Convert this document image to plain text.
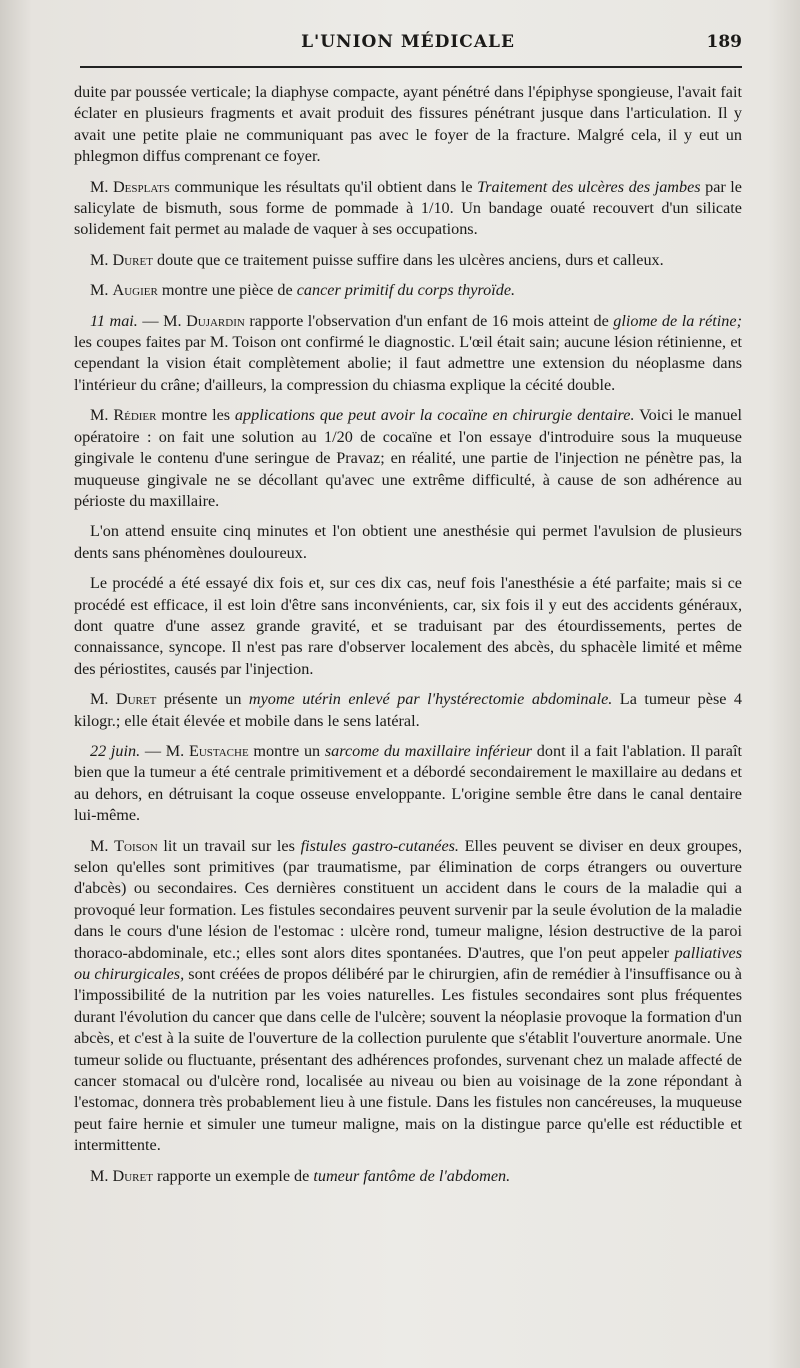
L'UNION MÉDICALE	189

duite par poussée verticale; la diaphyse compacte, ayant pénétré dans l'épiphyse spongieuse, l'avait fait éclater en plusieurs fragments et avait produit des fissures pénétrant jusque dans l'articulation. Il y avait une petite plaie ne communiquant pas avec le foyer de la fracture. Malgré cela, il y eut un phlegmon diffus comprenant ce foyer.

M. Desplats communique les résultats qu'il obtient dans le Traitement des ulcères des jambes par le salicylate de bismuth, sous forme de pommade à 1/10. Un bandage ouaté recouvert d'un silicate solidement fait permet au malade de vaquer à ses occupations.

M. Duret doute que ce traitement puisse suffire dans les ulcères anciens, durs et calleux.

M. Augier montre une pièce de cancer primitif du corps thyroïde.

11 mai. — M. Dujardin rapporte l'observation d'un enfant de 16 mois atteint de gliome de la rétine; les coupes faites par M. Toison ont confirmé le diagnostic. L'œil était sain; aucune lésion rétinienne, et cependant la vision était complètement abolie; il faut admettre une extension du néoplasme dans l'intérieur du crâne; d'ailleurs, la compression du chiasma explique la cécité double.

M. Rédier montre les applications que peut avoir la cocaïne en chirurgie dentaire. Voici le manuel opératoire : on fait une solution au 1/20 de cocaïne et l'on essaye d'introduire sous la muqueuse gingivale le contenu d'une seringue de Pravaz; en réalité, une partie de l'injection ne pénètre pas, la muqueuse gingivale ne se décollant qu'avec une extrême difficulté, à cause de son adhérence au périoste du maxillaire.

L'on attend ensuite cinq minutes et l'on obtient une anesthésie qui permet l'avulsion de plusieurs dents sans phénomènes douloureux.

Le procédé a été essayé dix fois et, sur ces dix cas, neuf fois l'anesthésie a été parfaite; mais si ce procédé est efficace, il est loin d'être sans inconvénients, car, six fois il y eut des accidents généraux, dont quatre d'une assez grande gravité, et se traduisant par des étourdissements, pertes de connaissance, syncope. Il n'est pas rare d'observer localement des abcès, du sphacèle limité et même des périostites, causés par l'injection.

M. Duret présente un myome utérin enlevé par l'hystérectomie abdominale. La tumeur pèse 4 kilogr.; elle était élevée et mobile dans le sens latéral.

22 juin. — M. Eustache montre un sarcome du maxillaire inférieur dont il a fait l'ablation. Il paraît bien que la tumeur a été centrale primitivement et a débordé secondairement le maxillaire au dedans et au dehors, en détruisant la coque osseuse enveloppante. L'origine semble être dans le canal dentaire lui-même.

M. Toison lit un travail sur les fistules gastro-cutanées. Elles peuvent se diviser en deux groupes, selon qu'elles sont primitives (par traumatisme, par élimination de corps étrangers ou ouverture d'abcès) ou secondaires. Ces dernières constituent un accident dans le cours de la maladie qui a provoqué leur formation. Les fistules secondaires peuvent survenir par la seule évolution de la maladie dans le cours d'une lésion de l'estomac : ulcère rond, tumeur maligne, lésion destructive de la paroi thoraco-abdominale, etc.; elles sont alors dites spontanées. D'autres, que l'on peut appeler palliatives ou chirurgicales, sont créées de propos délibéré par le chirurgien, afin de remédier à l'insuffisance ou à l'impossibilité de la nutrition par les voies naturelles. Les fistules secondaires sont plus fréquentes durant l'évolution du cancer que dans celle de l'ulcère; souvent la néoplasie provoque la formation d'un abcès, et c'est à la suite de l'ouverture de la collection purulente que s'établit l'ouverture anormale. Une tumeur solide ou fluctuante, présentant des adhérences profondes, survenant chez un malade affecté de cancer stomacal ou d'ulcère rond, localisée au niveau ou bien au voisinage de la zone répondant à l'estomac, donnera très probablement lieu à une fistule. Dans les fistules non cancéreuses, la muqueuse peut faire hernie et simuler une tumeur maligne, mais on la distingue parce qu'elle est réductible et intermittente.

M. Duret rapporte un exemple de tumeur fantôme de l'abdomen.
